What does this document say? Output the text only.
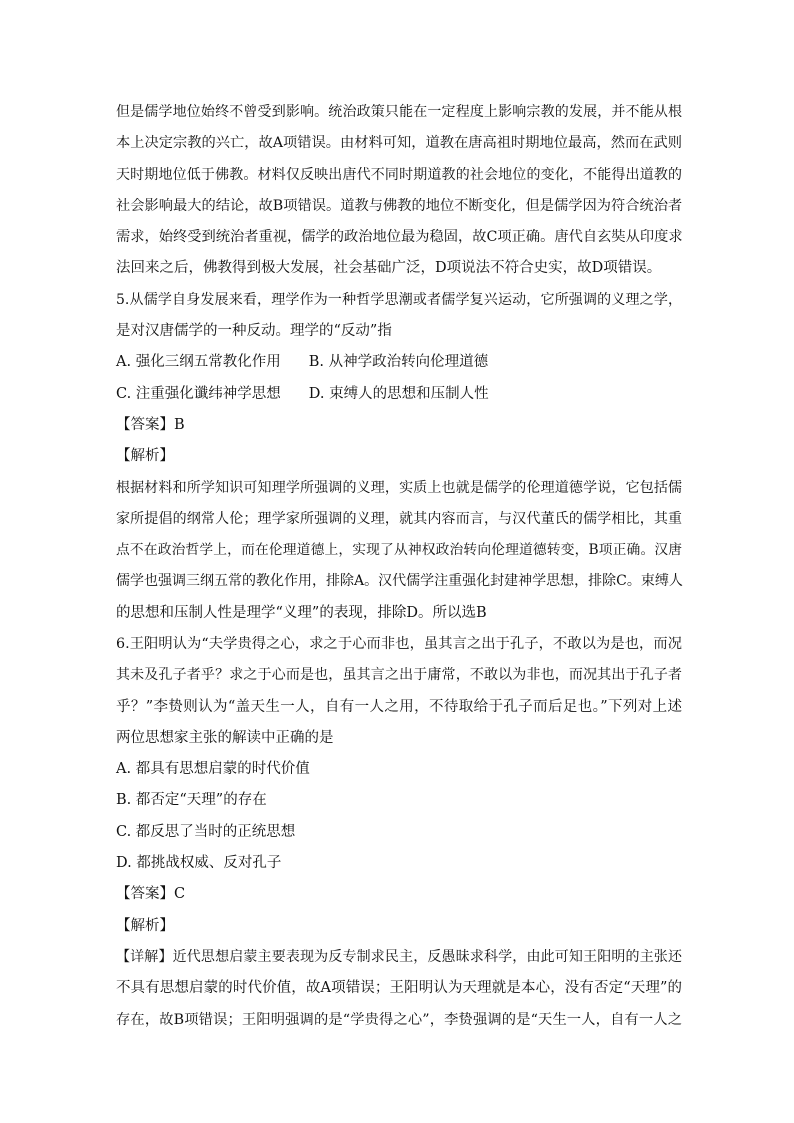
但是儒学地位始终不曾受到影响。统治政策只能在一定程度上影响宗教的发展，并不能从根
本上决定宗教的兴亡，故A项错误。由材料可知，道教在唐高祖时期地位最高，然而在武则
天时期地位低于佛教。材料仅反映出唐代不同时期道教的社会地位的变化，不能得出道教的
社会影响最大的结论，故B项错误。道教与佛教的地位不断变化，但是儒学因为符合统治者
需求，始终受到统治者重视，儒学的政治地位最为稳固，故C项正确。唐代自玄奘从印度求
法回来之后，佛教得到极大发展，社会基础广泛，D项说法不符合史实，故D项错误。
5.从儒学自身发展来看，理学作为一种哲学思潮或者儒学复兴运动，它所强调的义理之学，
是对汉唐儒学的一种反动。理学的“反动”指
A. 强化三纲五常教化作用 B. 从神学政治转向伦理道德
C. 注重强化谶纬神学思想 D. 束缚人的思想和压制人性
【答案】B
【解析】
根据材料和所学知识可知理学所强调的义理，实质上也就是儒学的伦理道德学说，它包括儒
家所提倡的纲常人伦；理学家所强调的义理，就其内容而言，与汉代董氏的儒学相比，其重
点不在政治哲学上，而在伦理道德上，实现了从神权政治转向伦理道德转变，B项正确。汉唐
儒学也强调三纲五常的教化作用，排除A。汉代儒学注重强化封建神学思想，排除C。束缚人
的思想和压制人性是理学“义理”的表现，排除D。所以选B
6.王阳明认为“夫学贵得之心，求之于心而非也，虽其言之出于孔子，不敢以为是也，而况
其未及孔子者乎？求之于心而是也，虽其言之出于庸常，不敢以为非也，而况其出于孔子者
乎？”李贽则认为“盖天生一人，自有一人之用，不待取给于孔子而后足也。”下列对上述
两位思想家主张的解读中正确的是
A. 都具有思想启蒙的时代价值
B. 都否定“天理”的存在
C. 都反思了当时的正统思想
D. 都挑战权威、反对孔子
【答案】C
【解析】
【详解】近代思想启蒙主要表现为反专制求民主，反愚昧求科学，由此可知王阳明的主张还
不具有思想启蒙的时代价值，故A项错误；王阳明认为天理就是本心，没有否定“天理”的
存在，故B项错误；王阳明强调的是“学贵得之心”，李贽强调的是“天生一人，自有一人之
